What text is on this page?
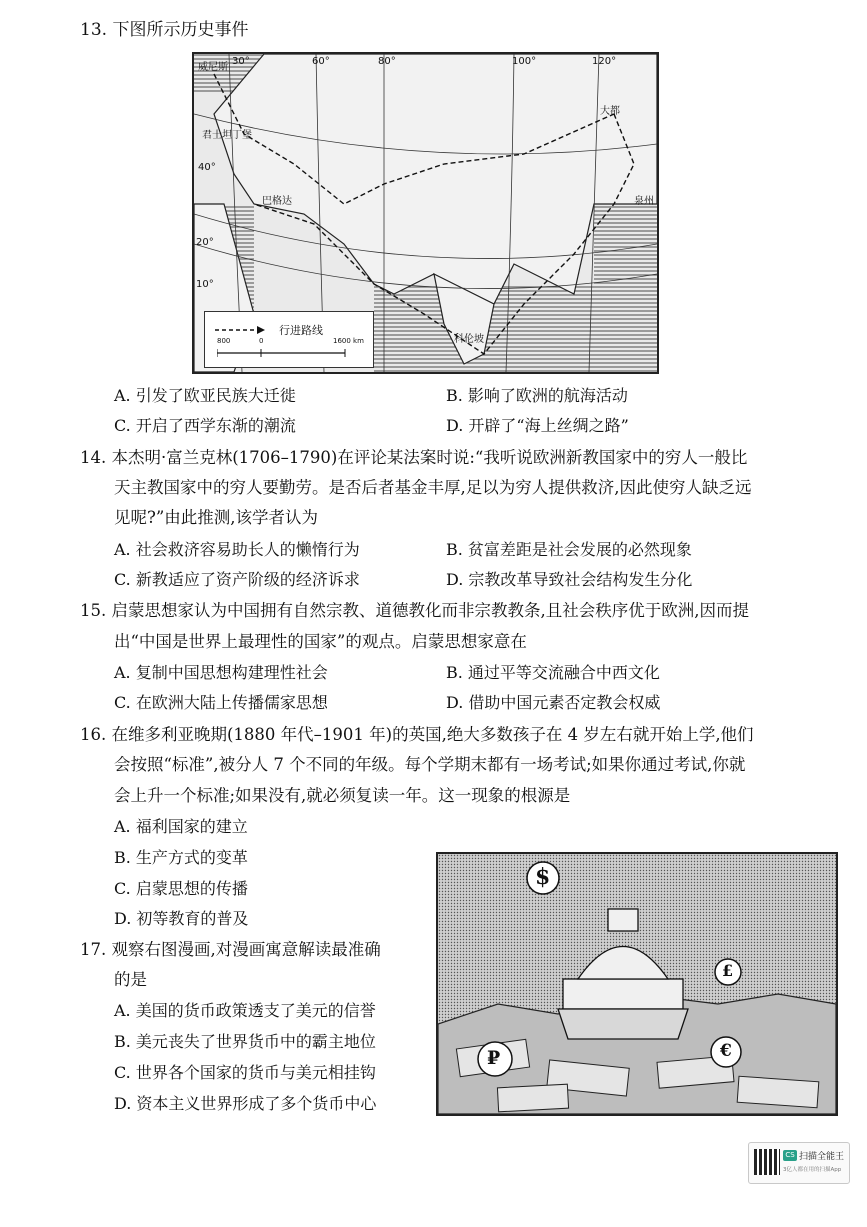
13. 下图所示历史事件
威尼斯
30°	60°	80°	100°	120°
大都
君士坦丁堡
40°
巴格达	泉州
20°
10°
科伦坡
行进路线
800	0	1600 km
A. 引发了欧亚民族大迁徙	B. 影响了欧洲的航海活动
C. 开启了西学东渐的潮流	D. 开辟了“海上丝绸之路”
14. 本杰明·富兰克林(1706–1790)在评论某法案时说:“我听说欧洲新教国家中的穷人一般比
天主教国家中的穷人要勤劳。是否后者基金丰厚,足以为穷人提供救济,因此使穷人缺乏远
见呢?”由此推测,该学者认为
A. 社会救济容易助长人的懒惰行为	B. 贫富差距是社会发展的必然现象
C. 新教适应了资产阶级的经济诉求	D. 宗教改革导致社会结构发生分化
15. 启蒙思想家认为中国拥有自然宗教、道德教化而非宗教教条,且社会秩序优于欧洲,因而提
出“中国是世界上最理性的国家”的观点。启蒙思想家意在
A. 复制中国思想构建理性社会	B. 通过平等交流融合中西文化
C. 在欧洲大陆上传播儒家思想	D. 借助中国元素否定教会权威
16. 在维多利亚晚期(1880 年代–1901 年)的英国,绝大多数孩子在 4 岁左右就开始上学,他们
会按照“标准”,被分人 7 个不同的年级。每个学期末都有一场考试;如果你通过考试,你就
会上升一个标准;如果没有,就必须复读一年。这一现象的根源是
A. 福利国家的建立
B. 生产方式的变革
C. 启蒙思想的传播
D. 初等教育的普及
17. 观察右图漫画,对漫画寓意解读最准确
的是
A. 美国的货币政策透支了美元的信誉
B. 美元丧失了世界货币中的霸主地位
C. 世界各个国家的货币与美元相挂钩
D. 资本主义世界形成了多个货币中心
$
£
€
₽
CS 扫描全能王
3亿人都在用的扫描App
